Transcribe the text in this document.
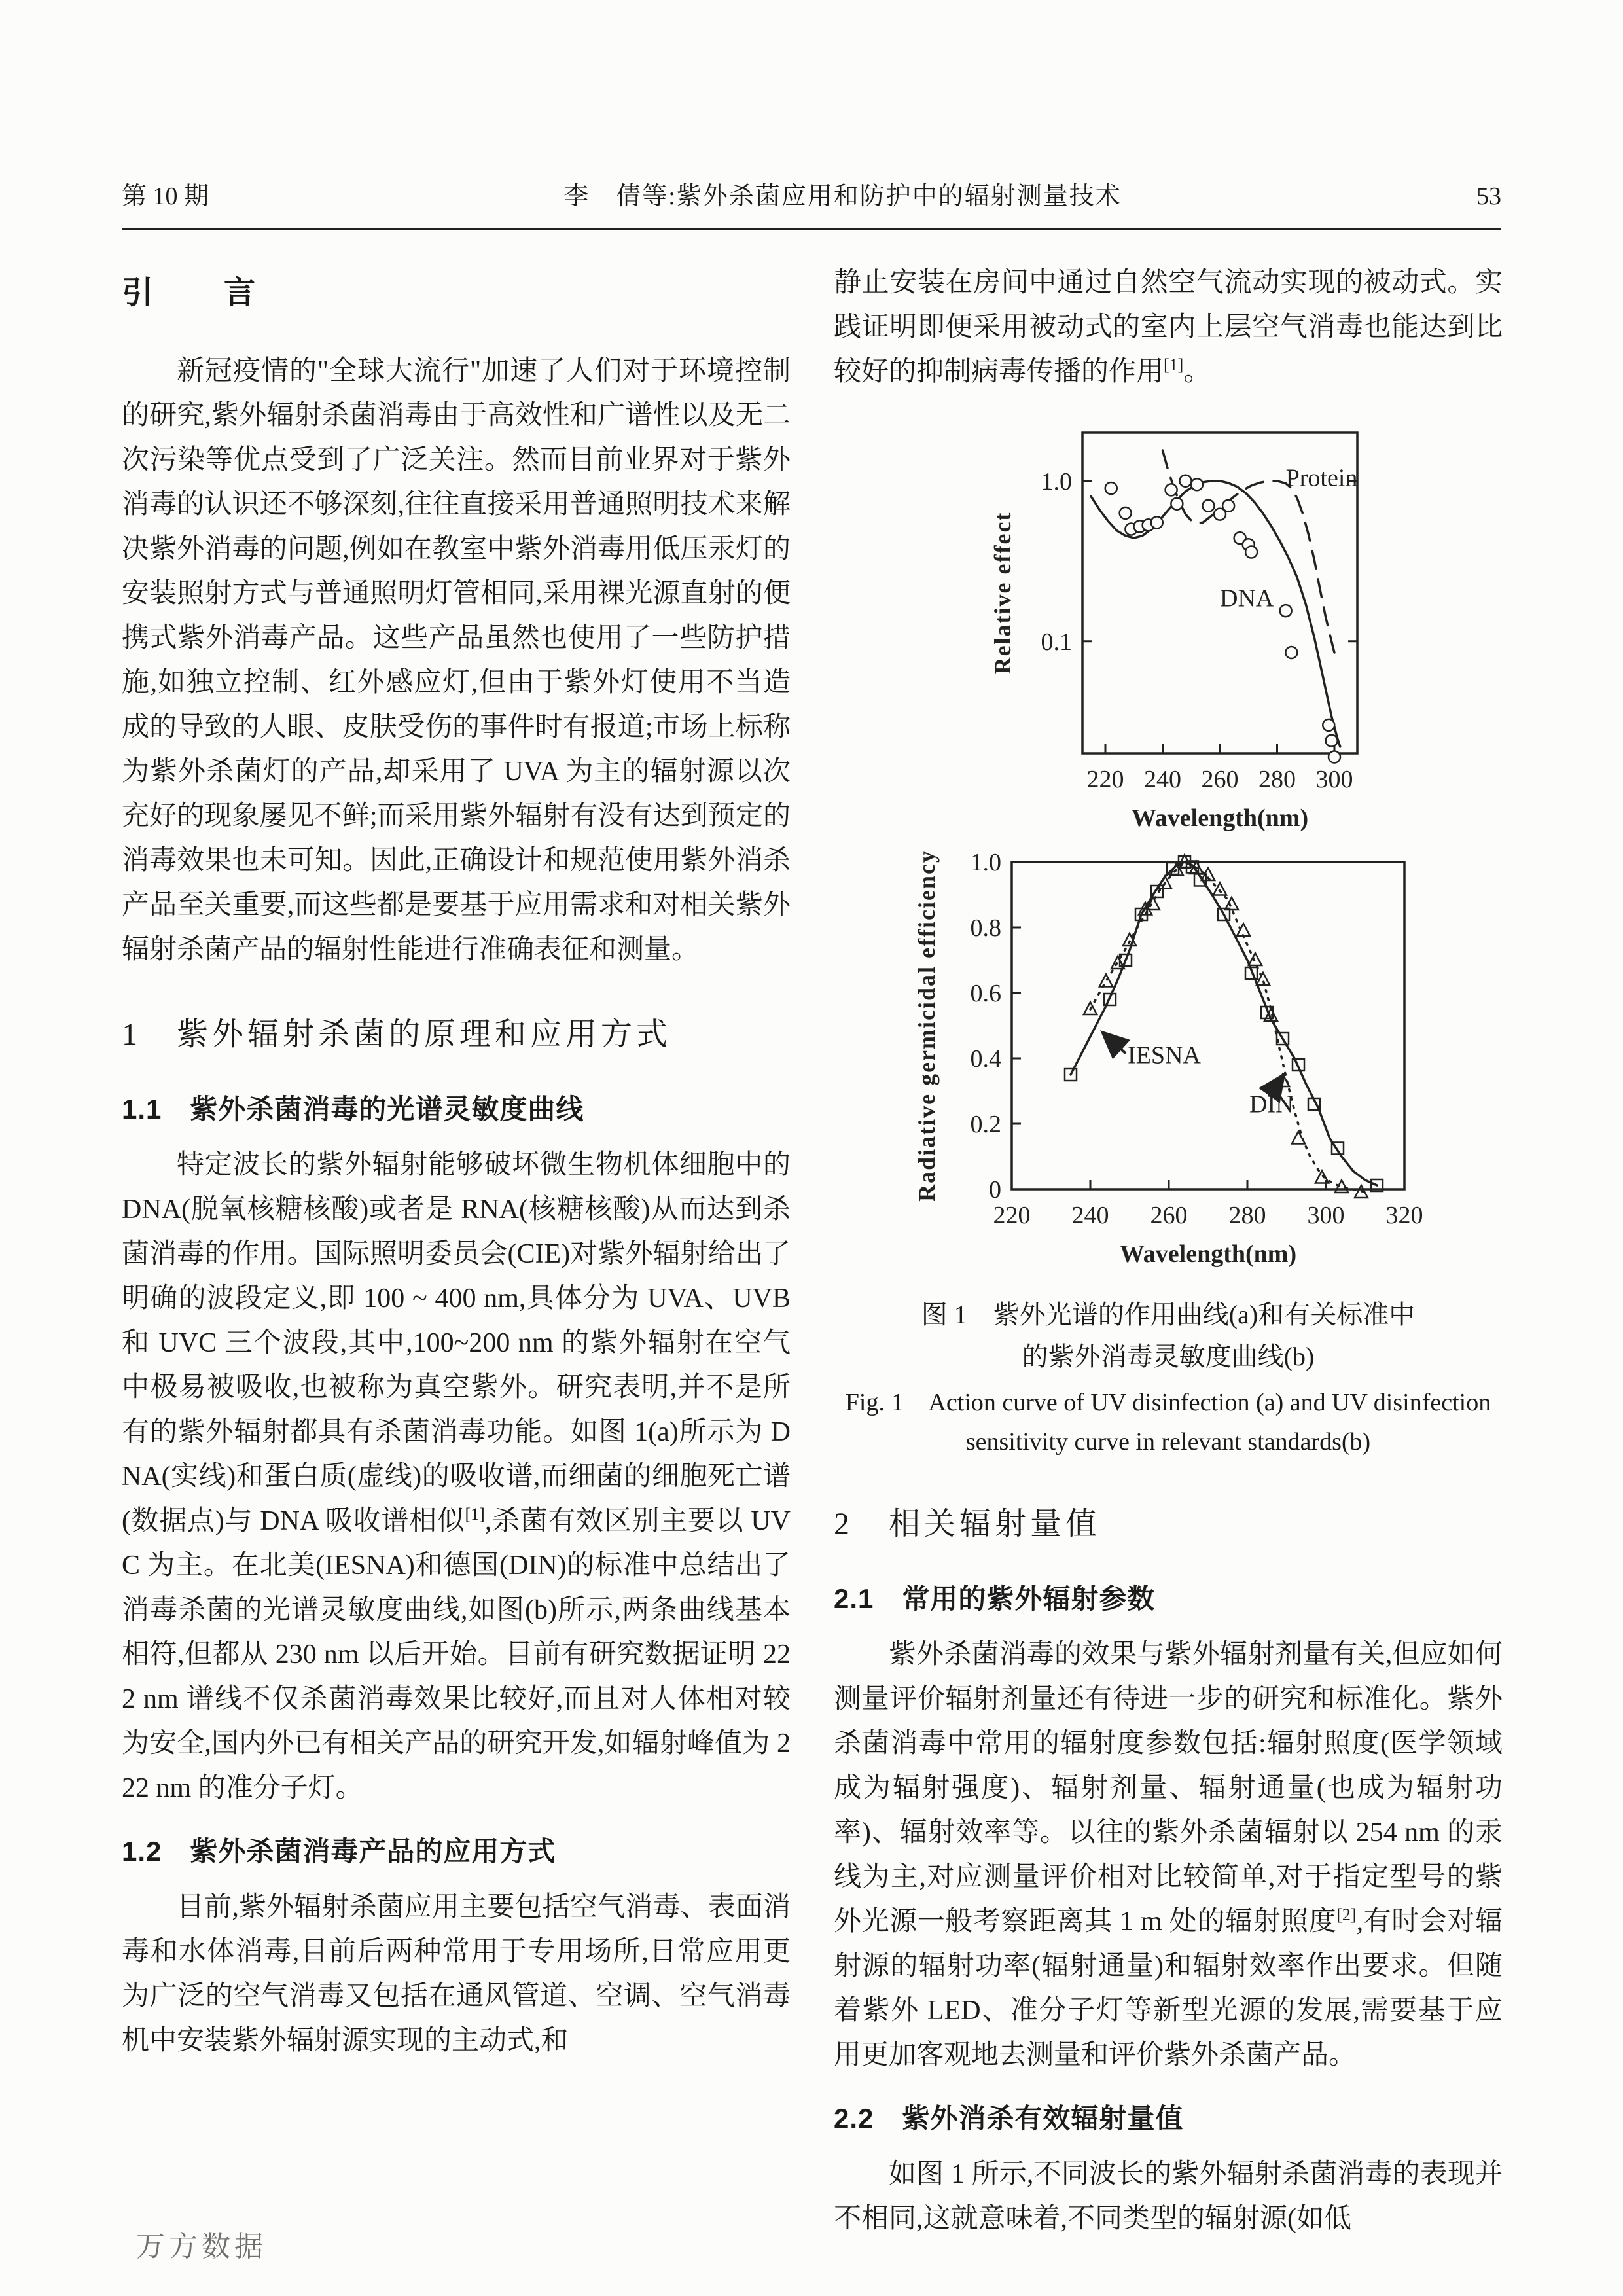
第 10 期	李　倩等:紫外杀菌应用和防护中的辐射测量技术	53
引　　言

新冠疫情的"全球大流行"加速了人们对于环境控制的研究,紫外辐射杀菌消毒由于高效性和广谱性以及无二次污染等优点受到了广泛关注。然而目前业界对于紫外消毒的认识还不够深刻,往往直接采用普通照明技术来解决紫外消毒的问题,例如在教室中紫外消毒用低压汞灯的安装照射方式与普通照明灯管相同,采用裸光源直射的便携式紫外消毒产品。这些产品虽然也使用了一些防护措施,如独立控制、红外感应灯,但由于紫外灯使用不当造成的导致的人眼、皮肤受伤的事件时有报道;市场上标称为紫外杀菌灯的产品,却采用了 UVA 为主的辐射源以次充好的现象屡见不鲜;而采用紫外辐射有没有达到预定的消毒效果也未可知。因此,正确设计和规范使用紫外消杀产品至关重要,而这些都是要基于应用需求和对相关紫外辐射杀菌产品的辐射性能进行准确表征和测量。

1　紫外辐射杀菌的原理和应用方式
1.1　紫外杀菌消毒的光谱灵敏度曲线

特定波长的紫外辐射能够破坏微生物机体细胞中的 DNA(脱氧核糖核酸)或者是 RNA(核糖核酸)从而达到杀菌消毒的作用。国际照明委员会(CIE)对紫外辐射给出了明确的波段定义,即 100 ~ 400 nm,具体分为 UVA、UVB 和 UVC 三个波段,其中,100~200 nm 的紫外辐射在空气中极易被吸收,也被称为真空紫外。研究表明,并不是所有的紫外辐射都具有杀菌消毒功能。如图 1(a)所示为 DNA(实线)和蛋白质(虚线)的吸收谱,而细菌的细胞死亡谱(数据点)与 DNA 吸收谱相似[1],杀菌有效区别主要以 UVC 为主。在北美(IESNA)和德国(DIN)的标准中总结出了消毒杀菌的光谱灵敏度曲线,如图(b)所示,两条曲线基本相符,但都从 230 nm 以后开始。目前有研究数据证明 222 nm 谱线不仅杀菌消毒效果比较好,而且对人体相对较为安全,国内外已有相关产品的研究开发,如辐射峰值为 222 nm 的准分子灯。

1.2　紫外杀菌消毒产品的应用方式

目前,紫外辐射杀菌应用主要包括空气消毒、表面消毒和水体消毒,目前后两种常用于专用场所,日常应用更为广泛的空气消毒又包括在通风管道、空调、空气消毒机中安装紫外辐射源实现的主动式,和

静止安装在房间中通过自然空气流动实现的被动式。实践证明即便采用被动式的室内上层空气消毒也能达到比较好的抑制病毒传播的作用[1]。

220 240 260 280 300
1.0
0.1
Wavelength(nm)
Relative effect
Protein
DNA
220 240 260 280 300 320
0
0.2
0.4
0.6
0.8
1.0
Wavelength(nm)
Radiative germicidal efficiency	IESNA
DIN
图 1　紫外光谱的作用曲线(a)和有关标准中
的紫外消毒灵敏度曲线(b)
Fig. 1　Action curve of UV disinfection (a) and UV disinfection
sensitivity curve in relevant standards(b)
2　相关辐射量值
2.1　常用的紫外辐射参数

紫外杀菌消毒的效果与紫外辐射剂量有关,但应如何测量评价辐射剂量还有待进一步的研究和标准化。紫外杀菌消毒中常用的辐射度参数包括:辐射照度(医学领域成为辐射强度)、辐射剂量、辐射通量(也成为辐射功率)、辐射效率等。以往的紫外杀菌辐射以 254 nm 的汞线为主,对应测量评价相对比较简单,对于指定型号的紫外光源一般考察距离其 1 m 处的辐射照度[2],有时会对辐射源的辐射功率(辐射通量)和辐射效率作出要求。但随着紫外 LED、准分子灯等新型光源的发展,需要基于应用更加客观地去测量和评价紫外杀菌产品。

2.2　紫外消杀有效辐射量值

如图 1 所示,不同波长的紫外辐射杀菌消毒的表现并不相同,这就意味着,不同类型的辐射源(如低

万方数据
